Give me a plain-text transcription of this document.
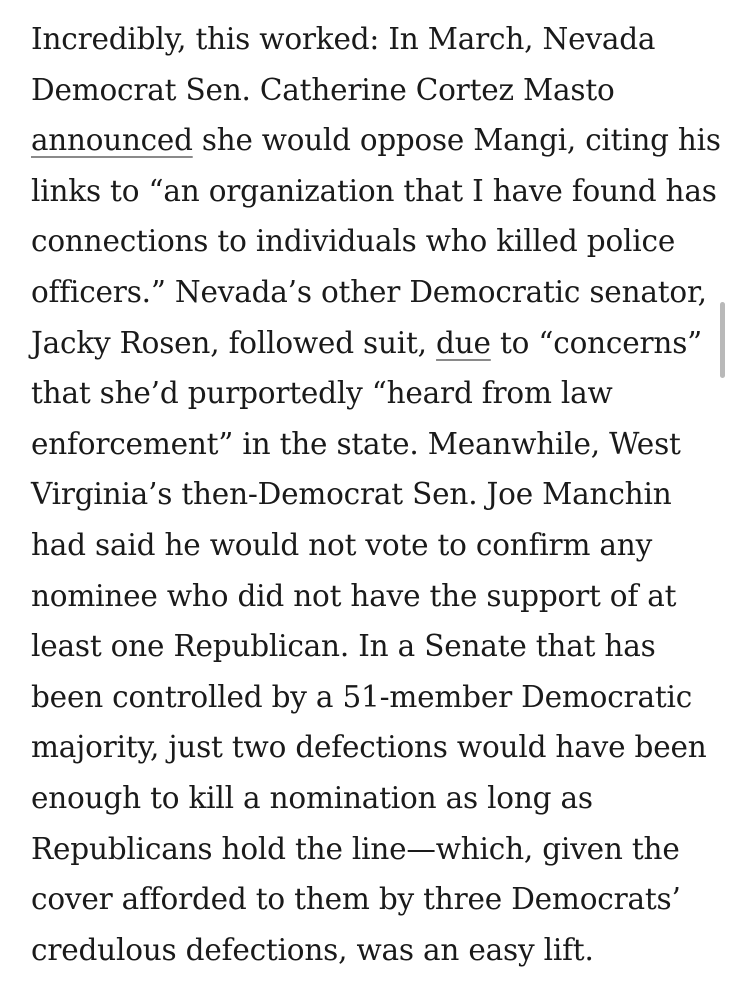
Incredibly, this worked: In March, Nevada
Democrat Sen. Catherine Cortez Masto
announced she would oppose Mangi, citing his
links to “an organization that I have found has
connections to individuals who killed police
officers.” Nevada’s other Democratic senator,
Jacky Rosen, followed suit, due to “concerns”
that she’d purportedly “heard from law
enforcement” in the state. Meanwhile, West
Virginia’s then-Democrat Sen. Joe Manchin
had said he would not vote to confirm any
nominee who did not have the support of at
least one Republican. In a Senate that has
been controlled by a 51-member Democratic
majority, just two defections would have been
enough to kill a nomination as long as
Republicans hold the line—which, given the
cover afforded to them by three Democrats’
credulous defections, was an easy lift.
